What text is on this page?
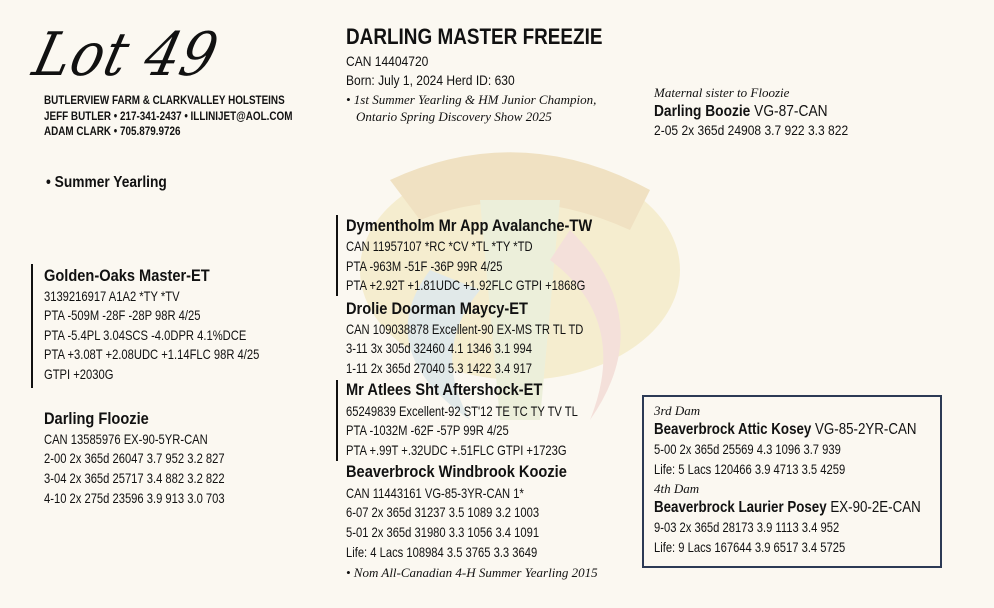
Lot 49
BUTLERVIEW FARM & CLARKVALLEY HOLSTEINS
JEFF BUTLER • 217-341-2437 • ILLINIJET@AOL.COM
ADAM CLARK • 705.879.9726
• Summer Yearling
DARLING MASTER FREEZIE
CAN 14404720
Born: July 1, 2024 Herd ID: 630
• 1st Summer Yearling & HM Junior Champion,
Ontario Spring Discovery Show 2025
Maternal sister to Floozie
Darling Boozie VG-87-CAN
2-05 2x 365d 24908 3.7 922 3.3 822
Golden-Oaks Master-ET
3139216917 A1A2 *TY *TV
PTA -509M -28F -28P 98R 4/25
PTA -5.4PL 3.04SCS -4.0DPR 4.1%DCE
PTA +3.08T +2.08UDC +1.14FLC 98R 4/25
GTPI +2030G
Darling Floozie
CAN 13585976 EX-90-5YR-CAN
2-00 2x 365d 26047 3.7 952 3.2 827
3-04 2x 365d 25717 3.4 882 3.2 822
4-10 2x 275d 23596 3.9 913 3.0 703
Dymentholm Mr App Avalanche-TW
CAN 11957107 *RC *CV *TL *TY *TD
PTA -963M -51F -36P 99R 4/25
PTA +2.92T +1.81UDC +1.92FLC GTPI +1868G
Drolie Doorman Maycy-ET
CAN 109038878 Excellent-90 EX-MS TR TL TD
3-11 3x 305d 32460 4.1 1346 3.1 994
1-11 2x 365d 27040 5.3 1422 3.4 917
Mr Atlees Sht Aftershock-ET
65249839 Excellent-92 ST'12 TE TC TY TV TL
PTA -1032M -62F -57P 99R 4/25
PTA +.99T +.32UDC +.51FLC GTPI +1723G
Beaverbrock Windbrook Koozie
CAN 11443161 VG-85-3YR-CAN 1*
6-07 2x 365d 31237 3.5 1089 3.2 1003
5-01 2x 365d 31980 3.3 1056 3.4 1091
Life: 4 Lacs 108984 3.5 3765 3.3 3649
• Nom All-Canadian 4-H Summer Yearling 2015
3rd Dam
Beaverbrock Attic Kosey VG-85-2YR-CAN
5-00 2x 365d 25569 4.3 1096 3.7 939
Life: 5 Lacs 120466 3.9 4713 3.5 4259
4th Dam
Beaverbrock Laurier Posey EX-90-2E-CAN
9-03 2x 365d 28173 3.9 1113 3.4 952
Life: 9 Lacs 167644 3.9 6517 3.4 5725
